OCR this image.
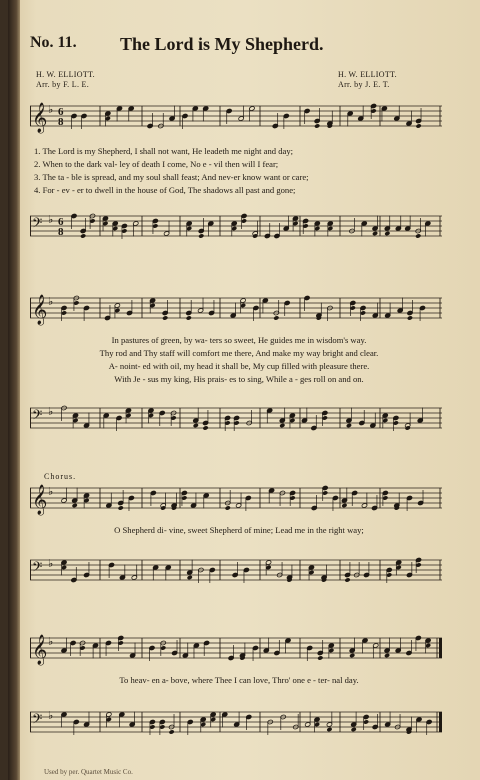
No. 11. The Lord is My Shepherd.
H. W. ELLIOTT.
Arr. by F. L. E.
H. W. ELLIOTT.
Arr. by J. E. T.
𝄞 ♭ 6
8
1. The Lord is my Shepherd, I shall not want, He leadeth me night and day;
2. When to the dark val- ley of death I come, No e - vil then will I fear;
3. The ta - ble is spread, and my soul shall feast; And nev-er know want or care;
4. For - ev - er to dwell in the house of God, The shadows all past and gone;
𝄢 ♭ 6
8
𝄞 ♭
In pastures of green, by wa- ters so sweet, He guides me in wisdom's way.
Thy rod and Thy staff will comfort me there, And make my way bright and clear.
A- noint- ed with oil, my head it shall be, My cup filled with pleasure there.
With Je - sus my king, His prais- es to sing, While a - ges roll on and on.
𝄢 ♭
Chorus.
𝄞 ♭
O Shepherd di- vine, sweet Shepherd of mine; Lead me in the right way;
𝄢 ♭
𝄞 ♭
To heav- en a- bove, where Thee I can love, Thro' one e - ter- nal day.
𝄢 ♭
Used by per. Quartet Music Co.
